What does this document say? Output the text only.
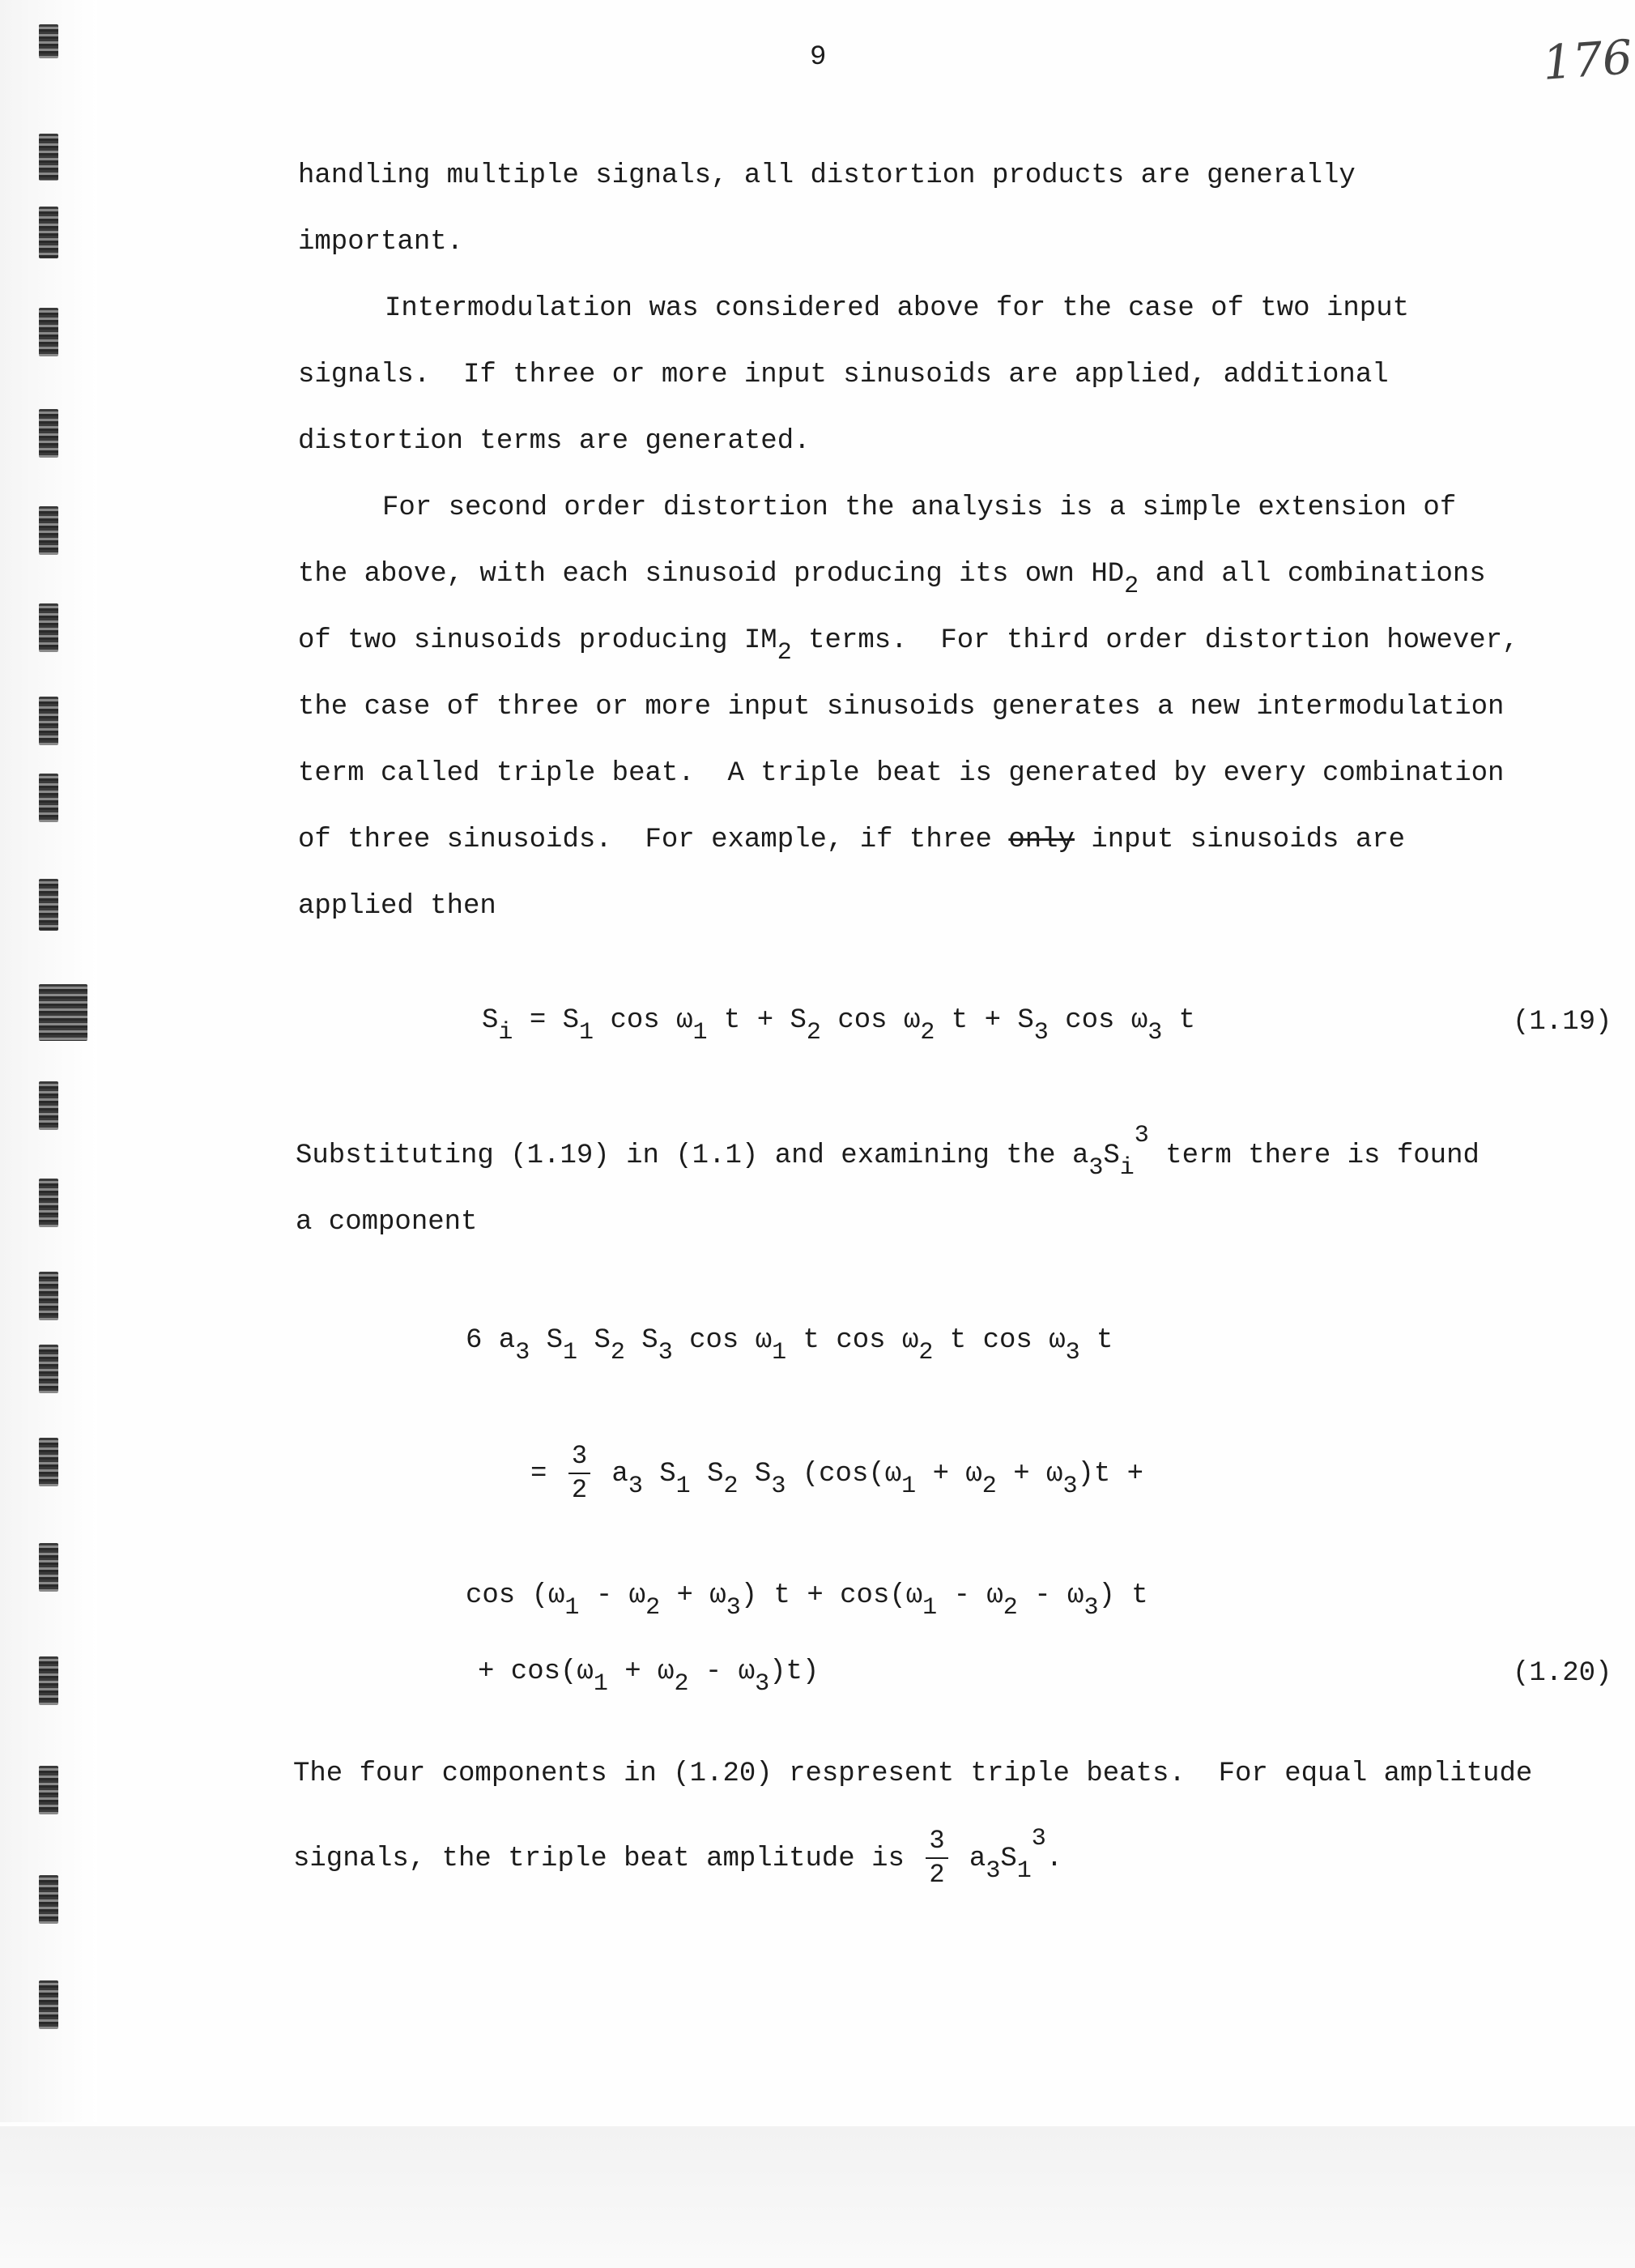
9	176
handling multiple signals, all distortion products are generally
important.
Intermodulation was considered above for the case of two input
signals.  If three or more input sinusoids are applied, additional
distortion terms are generated.
For second order distortion the analysis is a simple extension of
the above, with each sinusoid producing its own $HD_2$ and all combinations
of two sinusoids producing $IM_2$ terms.  For third order distortion however,
the case of three or more input sinusoids generates a new intermodulation
term called triple beat.  A triple beat is generated by every combination
of three sinusoids.  For example, if three only input sinusoids are
applied then
$S_i = S_1$ $\cos \omega_1$ $t + S_2$ $\cos \omega_2$ $t + S_3$ $\cos \omega_3$ t	(1.19)
Substituting (1.19) in (1.1) and examining the $a_3S_i3$ term there is found
a component
6 $a_3$ $S_1$ $S_2$ $S_3$ $\cos \omega_1$ t $\cos \omega_2$ t $\cos \omega_3$ t
= $\frac{3}{2} a_3$ $S_1$ $S_2$ $S_3$ ($\cos(\omega_1 + \omega_2 + \omega_3)t$ +
$\cos (\omega_1 - \omega_2 + \omega_3) t + \cos(\omega_1 - \omega_2 - \omega_3)$ t
+ $\cos(\omega_1 + \omega_2 - \omega_3)t$)	(1.20)
The four components in (1.20) respresent triple beats.  For equal amplitude
signals, the triple beat amplitude is $\frac{3}{2} a_3S_13$.
